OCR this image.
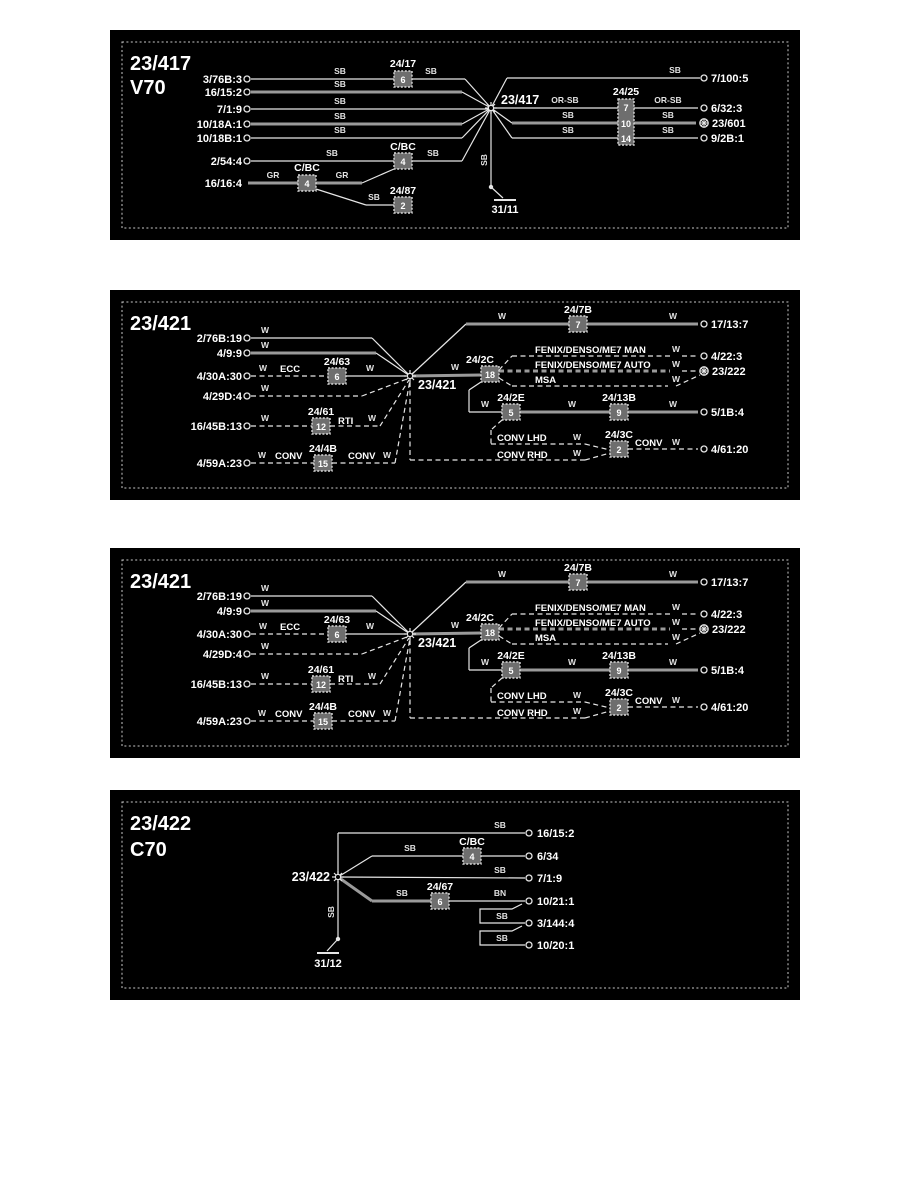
23/417
V70	3/76B:3
16/15:2
7/1:9
10/18A:1
10/18B:1
2/54:4
16/16:4
SB	SB
SB
SB
SB
SB
SB	SB
GR	GR
SB
24/17
6
C/BC
4
C/BC
4
24/87
2
23/417
24/25
7
10
14
SB
7/100:5
OR-SB	OR-SB
6/32:3
SB	SB
23/601
SB	SB
9/2B:1
SB
31/11
23/421
2/76B:19
4/9:9
4/30A:30
4/29D:4
16/45B:13
4/59A:23
W
W
W ECC	W
W
W	RTI W
W CONV	CONV W
24/63
6
24/61
12
24/4B
15
23/421
W	24/7B
7
W
17/13:7
W
24/2C
18
FENIX/DENSO/ME7 MAN	W
4/22:3
FENIX/DENSO/ME7 AUTO	W
23/222
MSA	W
W 24/2E
5
W 24/13B
9
W
5/1B:4
CONV LHD	W
CONV RHD	W
24/3C
2
CONV W
4/61:20
23/421
2/76B:19
4/9:9
4/30A:30
4/29D:4
16/45B:13
4/59A:23
W
W
W ECC	W
W
W	RTI W
W CONV	CONV W
24/63
6
24/61
12
24/4B
15
23/421
W	24/7B
7
W
17/13:7
W
24/2C
18
FENIX/DENSO/ME7 MAN	W
4/22:3
FENIX/DENSO/ME7 AUTO	W
23/222
MSA	W
W 24/2E
5
W 24/13B
9
W
5/1B:4
CONV LHD	W
CONV RHD	W
24/3C
2
CONV W
4/61:20
23/422
C70
23/422
C/BC
4
24/67
6
SB
SB
SB
SB	BN
SB
SB
16/15:2
6/34
7/1:9
10/21:1
3/144:4
10/20:1
SB
31/12
